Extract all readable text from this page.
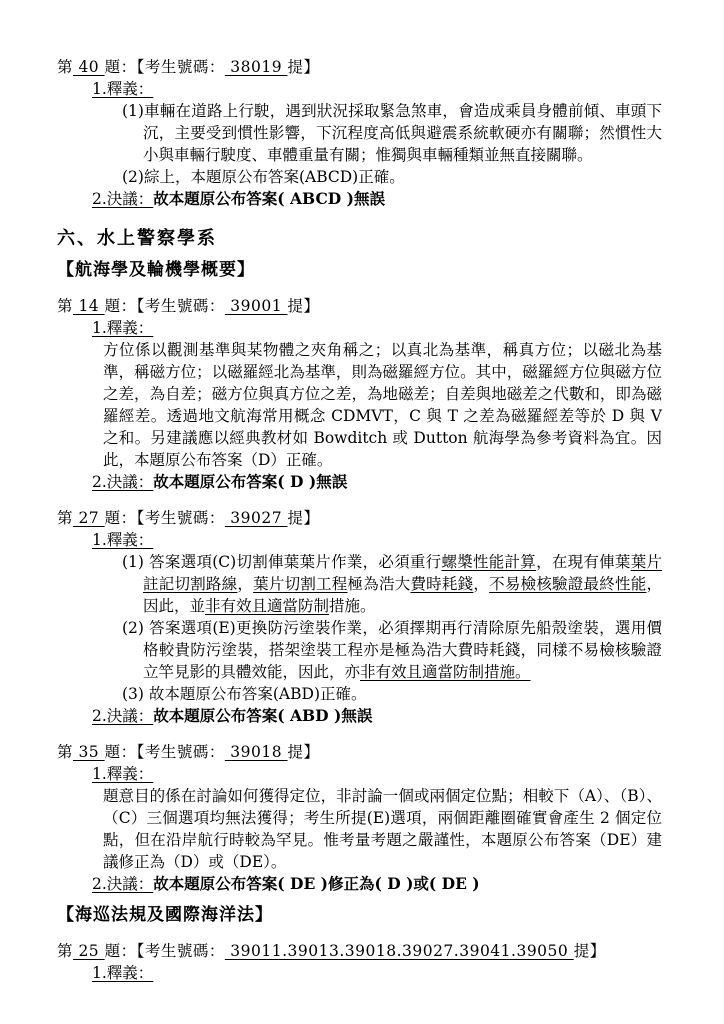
第 40 題：【考生號碼： 38019 提】
1.釋義：
(1)車輛在道路上行駛，遇到狀況採取緊急煞車，會造成乘員身體前傾、車頭下沉，主要受到慣性影響，下沉程度高低與避震系統軟硬亦有關聯；然慣性大小與車輛行駛度、車體重量有關；惟獨與車輛種類並無直接關聯。
(2)綜上，本題原公布答案(ABCD)正確。
2.決議：故本題原公布答案( ABCD )無誤
六、水上警察學系
【航海學及輪機學概要】
第 14 題：【考生號碼： 39001 提】
1.釋義：
方位係以觀測基準與某物體之夾角稱之；以真北為基準，稱真方位；以磁北為基準，稱磁方位；以磁羅經北為基準，則為磁羅經方位。其中，磁羅經方位與磁方位之差，為自差；磁方位與真方位之差，為地磁差；自差與地磁差之代數和，即為磁羅經差。透過地文航海常用概念 CDMVT，C 與 T 之差為磁羅經差等於 D 與 V 之和。另建議應以經典教材如 Bowditch 或 Dutton 航海學為參考資料為宜。因此，本題原公布答案（D）正確。
2.決議：故本題原公布答案( D )無誤
第 27 題：【考生號碼： 39027 提】
1.釋義：
(1) 答案選項(C)切割俥葉葉片作業，必須重行螺槳性能計算，在現有俥葉葉片註記切割路線，葉片切割工程極為浩大費時耗錢，不易檢核驗證最終性能，因此，並非有效且適當防制措施。
(2) 答案選項(E)更換防污塗裝作業，必須擇期再行清除原先船殼塗裝，選用價格較貴防污塗裝，搭架塗裝工程亦是極為浩大費時耗錢，同樣不易檢核驗證立竿見影的具體效能，因此，亦非有效且適當防制措施。
(3) 故本題原公布答案(ABD)正確。
2.決議：故本題原公布答案( ABD )無誤
第 35 題：【考生號碼： 39018 提】
1.釋義：
題意目的係在討論如何獲得定位，非討論一個或兩個定位點；相較下（A）、（B）、（C）三個選項均無法獲得；考生所提(E)選項，兩個距離圈確實會產生 2 個定位點，但在沿岸航行時較為罕見。惟考量考題之嚴謹性，本題原公布答案（DE）建議修正為（D）或（DE）。
2.決議：故本題原公布答案( DE )修正為( D )或( DE )
【海巡法規及國際海洋法】
第 25 題：【考生號碼： 39011.39013.39018.39027.39041.39050 提】
1.釋義：
